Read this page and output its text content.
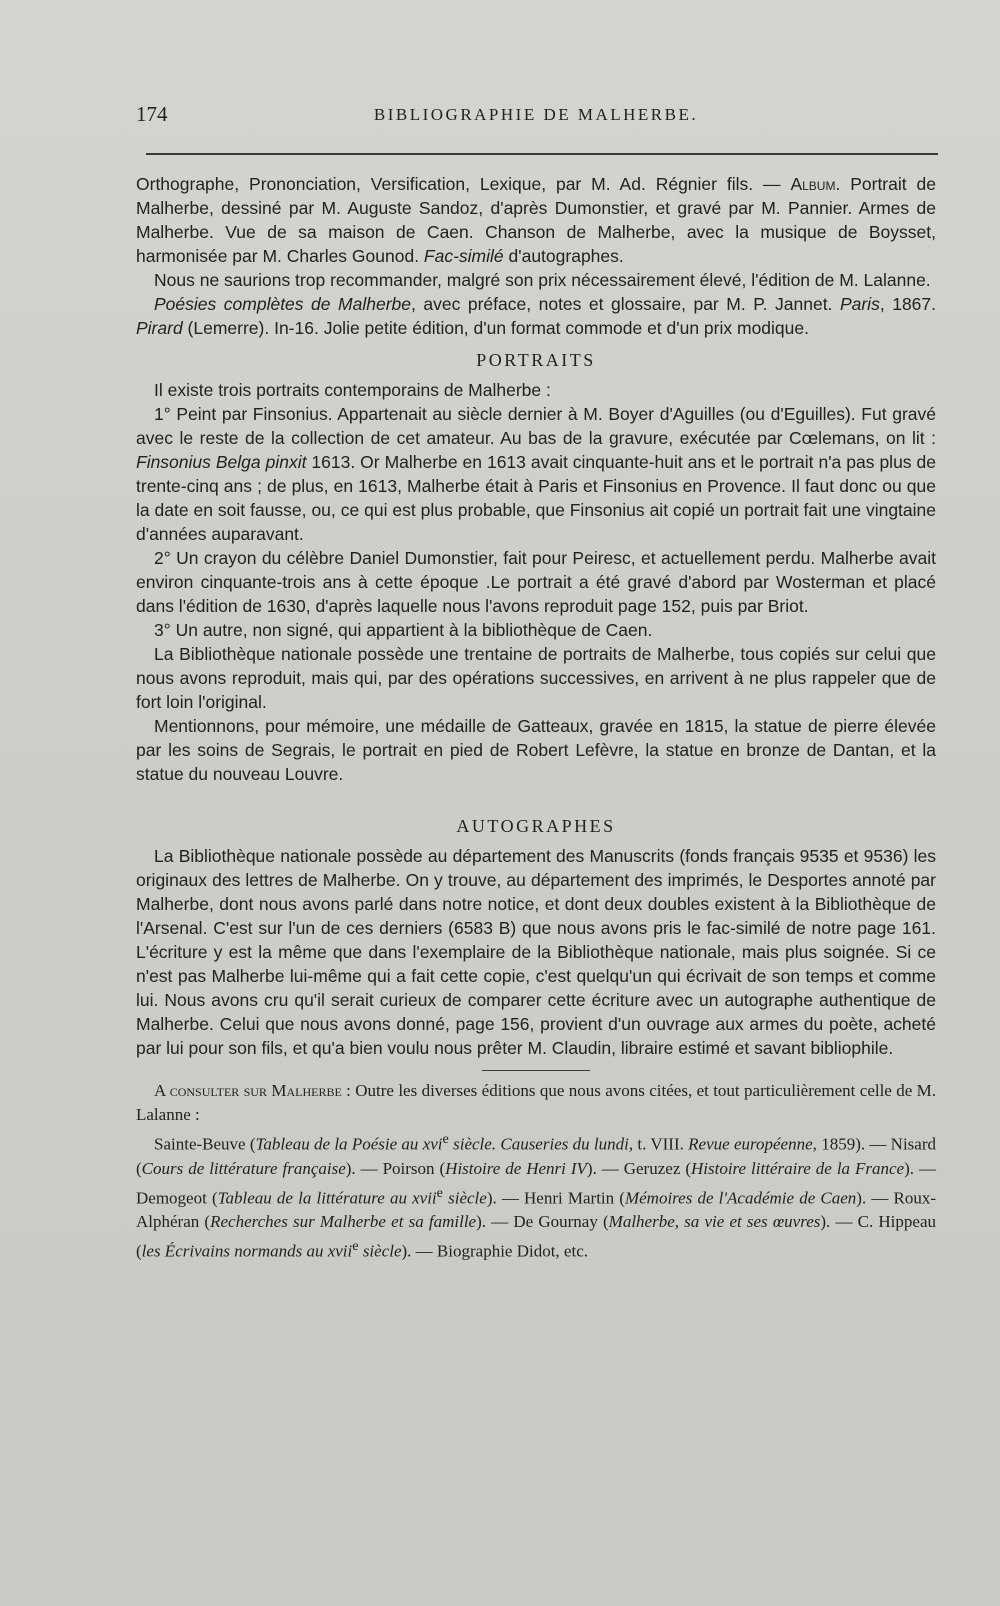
174	BIBLIOGRAPHIE DE MALHERBE.

Orthographe, Prononciation, Versification, Lexique, par M. Ad. Régnier fils. — Album. Portrait de Malherbe, dessiné par M. Auguste Sandoz, d'après Dumonstier, et gravé par M. Pannier. Armes de Malherbe. Vue de sa maison de Caen. Chanson de Malherbe, avec la musique de Boysset, harmonisée par M. Charles Gounod. Fac-similé d'autographes.

Nous ne saurions trop recommander, malgré son prix nécessairement élevé, l'édition de M. Lalanne.

Poésies complètes de Malherbe, avec préface, notes et glossaire, par M. P. Jannet. Paris, 1867. Pirard (Lemerre). In-16. Jolie petite édition, d'un format commode et d'un prix modique.

PORTRAITS

Il existe trois portraits contemporains de Malherbe :

1° Peint par Finsonius. Appartenait au siècle dernier à M. Boyer d'Aguilles (ou d'Eguilles). Fut gravé avec le reste de la collection de cet amateur. Au bas de la gravure, exécutée par Cœlemans, on lit : Finsonius Belga pinxit 1613. Or Malherbe en 1613 avait cinquante-huit ans et le portrait n'a pas plus de trente-cinq ans ; de plus, en 1613, Malherbe était à Paris et Finsonius en Provence. Il faut donc ou que la date en soit fausse, ou, ce qui est plus probable, que Finsonius ait copié un portrait fait une vingtaine d'années auparavant.

2° Un crayon du célèbre Daniel Dumonstier, fait pour Peiresc, et actuellement perdu. Malherbe avait environ cinquante-trois ans à cette époque .Le portrait a été gravé d'abord par Wosterman et placé dans l'édition de 1630, d'après laquelle nous l'avons reproduit page 152, puis par Briot.

3° Un autre, non signé, qui appartient à la bibliothèque de Caen.

La Bibliothèque nationale possède une trentaine de portraits de Malherbe, tous copiés sur celui que nous avons reproduit, mais qui, par des opérations successives, en arrivent à ne plus rappeler que de fort loin l'original.

Mentionnons, pour mémoire, une médaille de Gatteaux, gravée en 1815, la statue de pierre élevée par les soins de Segrais, le portrait en pied de Robert Lefèvre, la statue en bronze de Dantan, et la statue du nouveau Louvre.

AUTOGRAPHES

La Bibliothèque nationale possède au département des Manuscrits (fonds français 9535 et 9536) les originaux des lettres de Malherbe. On y trouve, au département des imprimés, le Desportes annoté par Malherbe, dont nous avons parlé dans notre notice, et dont deux doubles existent à la Bibliothèque de l'Arsenal. C'est sur l'un de ces derniers (6583 B) que nous avons pris le fac-similé de notre page 161. L'écriture y est la même que dans l'exemplaire de la Bibliothèque nationale, mais plus soignée. Si ce n'est pas Malherbe lui-même qui a fait cette copie, c'est quelqu'un qui écrivait de son temps et comme lui. Nous avons cru qu'il serait curieux de comparer cette écriture avec un autographe authentique de Malherbe. Celui que nous avons donné, page 156, provient d'un ouvrage aux armes du poète, acheté par lui pour son fils, et qu'a bien voulu nous prêter M. Claudin, libraire estimé et savant bibliophile.

A consulter sur Malherbe : Outre les diverses éditions que nous avons citées, et tout particulièrement celle de M. Lalanne :

Sainte-Beuve (Tableau de la Poésie au xvi$^e$ siècle. Causeries du lundi, t. VIII. Revue européenne, 1859). — Nisard (Cours de littérature française). — Poirson (Histoire de Henri IV). — Geruzez (Histoire littéraire de la France). — Demogeot (Tableau de la littérature au xvii$^e$ siècle). — Henri Martin (Mémoires de l'Académie de Caen). — Roux-Alphéran (Recherches sur Malherbe et sa famille). — De Gournay (Malherbe, sa vie et ses œuvres). — C. Hippeau (les Écrivains normands au xvii$^e$ siècle). — Biographie Didot, etc.
